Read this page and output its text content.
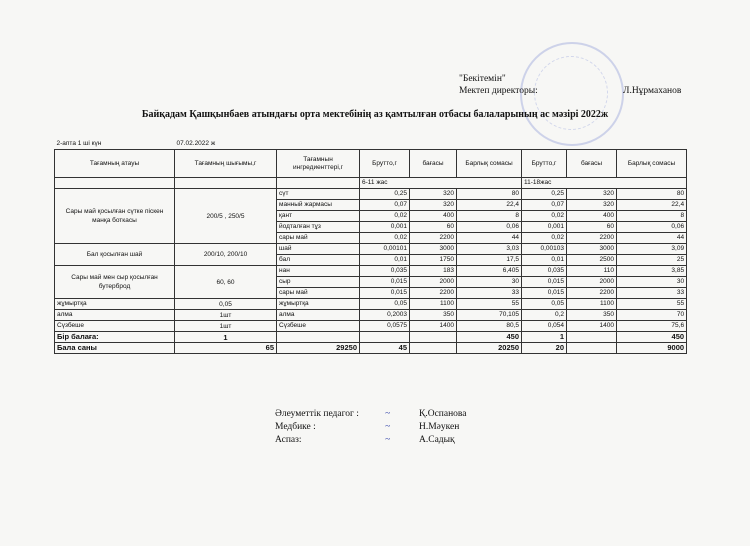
"Бекітемін"
Мектеп директоры:	Л.Нұрмаханов
Байқадам Қашқынбаев атындағы орта мектебінің аз қамтылған отбасы балаларының ас мәзірі 2022ж
2-апта 1 ші күн	07.02.2022 ж							
Тағамның атауы	Тағамның шығымы,г	Тағамнын ингредиенттері,г	Брутто,г	бағасы	Барлық сомасы	Брутто,г	бағасы	Барлық сомасы
			6-11 жас			11-18жас		
Сары май қосылған сүтке піскен манқа боткасы	200/5 , 250/5	сүт	0,25	320	80	0,25	320	80
		манный жармасы	0,07	320	22,4	0,07	320	22,4
		қант	0,02	400	8	0,02	400	8
		йодталған тұз	0,001	60	0,06	0,001	60	0,06
		сары май	0,02	2200	44	0,02	2200	44
Бал қосылған шай	200/10, 200/10	шай	0,00101	3000	3,03	0,00103	3000	3,09
		бал	0,01	1750	17,5	0,01	2500	25
Сары май мен сыр қосылған бутерброд	60, 60	нан	0,035	183	6,405	0,035	110	3,85
		сыр	0,015	2000	30	0,015	2000	30
		сары май	0,015	2200	33	0,015	2200	33
жұмыртқа	0,05	жұмыртқа	0,05	1100	55	0,05	1100	55
алма	1шт	алма	0,2003	350	70,105	0,2	350	70
Сүзбеше	1шт	Сүзбеше	0,0575	1400	80,5	0,054	1400	75,6
Бір балаға:	1				450	1		450
Бала саны	65	29250	45		20250	20		9000
Әлеуметтік педагог :	~	Қ.Оспанова
Медбике :	~	Н.Мәукен
Аспаз:	~	А.Садық
